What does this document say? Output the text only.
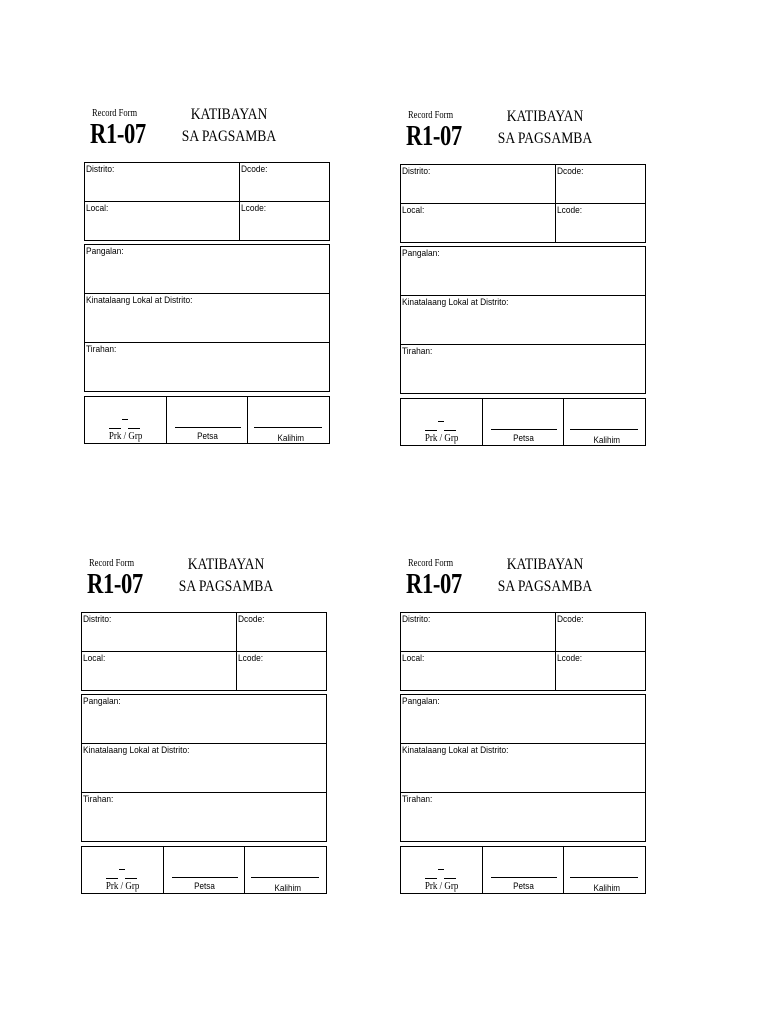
Record Form
R1-07
KATIBAYAN
SA PAGSAMBA
Distrito:	Dcode:
Local:	Lcode:
Pangalan:
Kinatalaang Lokal at Distrito:
Tirahan:
Prk / Grp	Petsa	Kalihim
Record Form
R1-07
KATIBAYAN
SA PAGSAMBA
Distrito:	Dcode:
Local:	Lcode:
Pangalan:
Kinatalaang Lokal at Distrito:
Tirahan:
Prk / Grp	Petsa	Kalihim
Record Form
R1-07
KATIBAYAN
SA PAGSAMBA
Distrito:	Dcode:
Local:	Lcode:
Pangalan:
Kinatalaang Lokal at Distrito:
Tirahan:
Prk / Grp	Petsa	Kalihim
Record Form
R1-07
KATIBAYAN
SA PAGSAMBA
Distrito:	Dcode:
Local:	Lcode:
Pangalan:
Kinatalaang Lokal at Distrito:
Tirahan:
Prk / Grp	Petsa	Kalihim
